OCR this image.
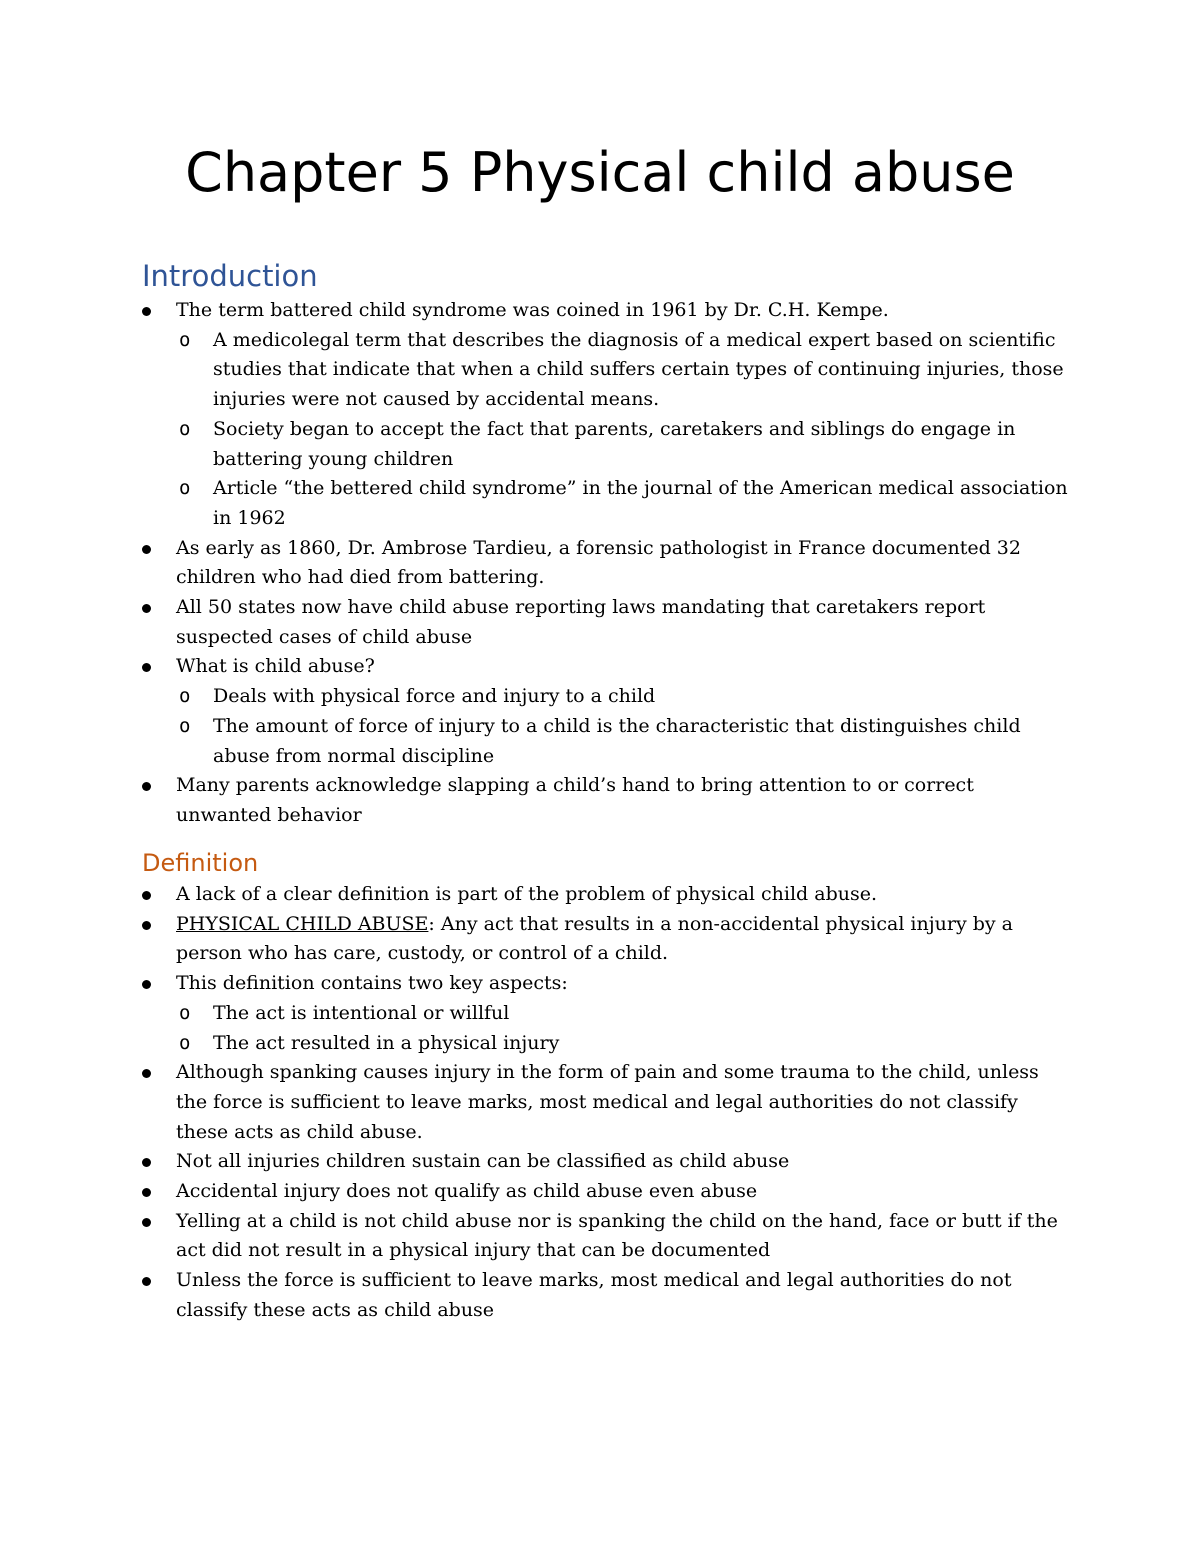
Chapter 5 Physical child abuse
Introduction
The term battered child syndrome was coined in 1961 by Dr. C.H. Kempe.
o A medicolegal term that describes the diagnosis of a medical expert based on scientific studies that indicate that when a child suffers certain types of continuing injuries, those injuries were not caused by accidental means.
o Society began to accept the fact that parents, caretakers and siblings do engage in battering young children
o Article “the bettered child syndrome” in the journal of the American medical association in 1962
As early as 1860, Dr. Ambrose Tardieu, a forensic pathologist in France documented 32 children who had died from battering.
All 50 states now have child abuse reporting laws mandating that caretakers report suspected cases of child abuse
What is child abuse?
o Deals with physical force and injury to a child
o The amount of force of injury to a child is the characteristic that distinguishes child abuse from normal discipline
Many parents acknowledge slapping a child’s hand to bring attention to or correct unwanted behavior
Definition
A lack of a clear definition is part of the problem of physical child abuse.
PHYSICAL CHILD ABUSE: Any act that results in a non-accidental physical injury by a person who has care, custody, or control of a child.
This definition contains two key aspects:
o The act is intentional or willful
o The act resulted in a physical injury
Although spanking causes injury in the form of pain and some trauma to the child, unless the force is sufficient to leave marks, most medical and legal authorities do not classify these acts as child abuse.
Not all injuries children sustain can be classified as child abuse
Accidental injury does not qualify as child abuse even abuse
Yelling at a child is not child abuse nor is spanking the child on the hand, face or butt if the act did not result in a physical injury that can be documented
Unless the force is sufficient to leave marks, most medical and legal authorities do not classify these acts as child abuse
